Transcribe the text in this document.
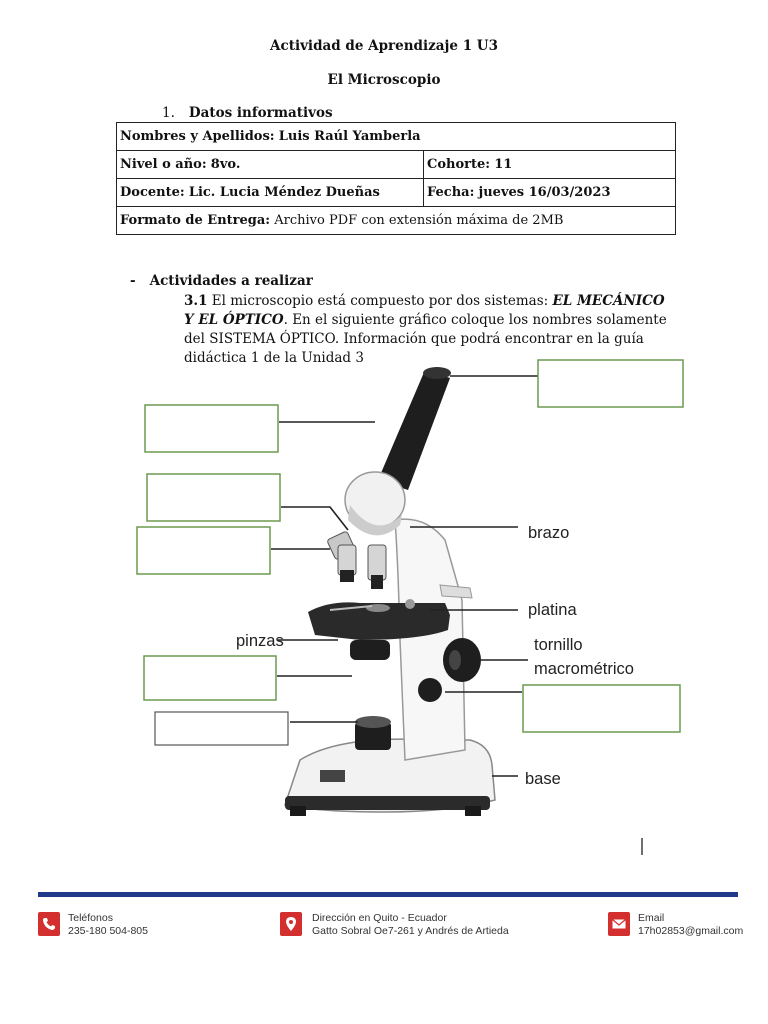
Actividad de Aprendizaje 1 U3
El Microscopio
1. Datos informativos
Nombres y Apellidos: Luis Raúl Yamberla	
Nivel o año: 8vo.	Cohorte: 11
Docente: Lic. Lucia Méndez Dueñas	Fecha: jueves 16/03/2023
Formato de Entrega: Archivo PDF con extensión máxima de 2MB	
- Actividades a realizar

3.1 El microscopio está compuesto por dos sistemas: EL MECÁNICO Y EL ÓPTICO. En el siguiente gráfico coloque los nombres solamente del SISTEMA ÓPTICO. Información que podrá encontrar en la guía didáctica 1 de la Unidad 3

brazo
platina
pinzas	tornillo
macrométrico
base
Teléfonos
235-180 504-805
Dirección en Quito - Ecuador
Gatto Sobral Oe7-261 y Andrés de Artieda
Email
17h02853@gmail.com
